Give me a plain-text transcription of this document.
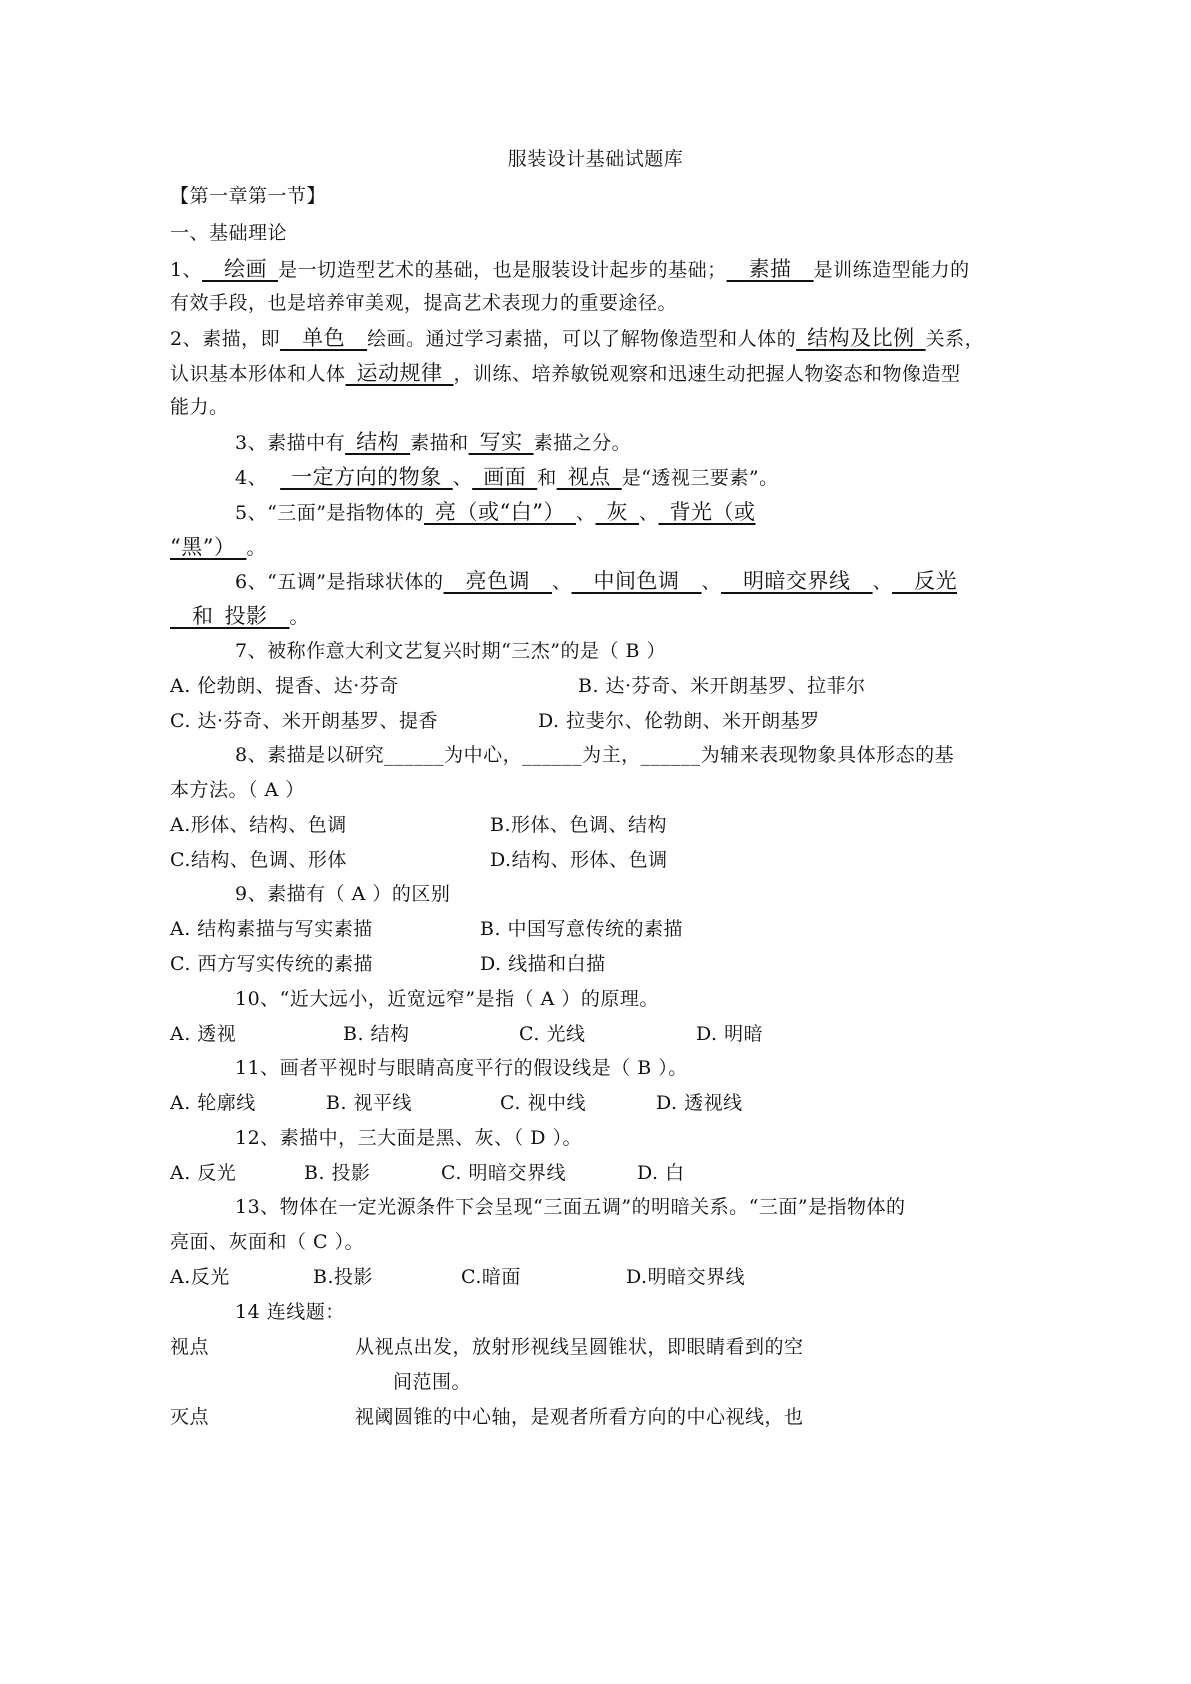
服装设计基础试题库
【第一章第一节】
一、基础理论
1、__绘画_是一切造型艺术的基础，也是服装设计起步的基础；__素描__是训练造型能力的
有效手段，也是培养审美观，提高艺术表现力的重要途径。
2、素描，即__单色__绘画。通过学习素描，可以了解物像造型和人体的_结构及比例_关系，
认识基本形体和人体_运动规律_，训练、培养敏锐观察和迅速生动把握人物姿态和物像造型
能力。
3、素描中有_结构_素描和_写实_素描之分。
4、 _一定方向的物象_、_画面_和_视点_是“透视三要素”。
5、“三面”是指物体的_亮（或“白”）_、_灰_、_背光（或
“黑”）_。
6、“五调”是指球状体的__亮色调__、__中间色调__、__明暗交界线__、__反光
__和_投影__。
7、被称作意大利文艺复兴时期“三杰”的是（ B ）
A. 伦勃朗、提香、达·芬奇	B. 达·芬奇、米开朗基罗、拉菲尔
C. 达·芬奇、米开朗基罗、提香	D. 拉斐尔、伦勃朗、米开朗基罗
8、素描是以研究______为中心，______为主，______为辅来表现物象具体形态的基
本方法。（ A ）
A.形体、结构、色调	B.形体、色调、结构
C.结构、色调、形体	D.结构、形体、色调
9、素描有（ A ）的区别
A. 结构素描与写实素描	B. 中国写意传统的素描
C. 西方写实传统的素描	D. 线描和白描
10、“近大远小，近宽远窄”是指（ A ）的原理。
A. 透视	B. 结构	C. 光线	D. 明暗
11、画者平视时与眼睛高度平行的假设线是（ B ）。
A. 轮廓线	B. 视平线	C. 视中线	D. 透视线
12、素描中，三大面是黑、灰、（ D ）。
A. 反光	B. 投影	C. 明暗交界线	D. 白
13、物体在一定光源条件下会呈现“三面五调”的明暗关系。“三面”是指物体的
亮面、灰面和（ C ）。
A.反光	B.投影	C.暗面	D.明暗交界线
14 连线题：
视点	从视点出发，放射形视线呈圆锥状，即眼睛看到的空
间范围。
灭点	视阈圆锥的中心轴，是观者所看方向的中心视线，也
